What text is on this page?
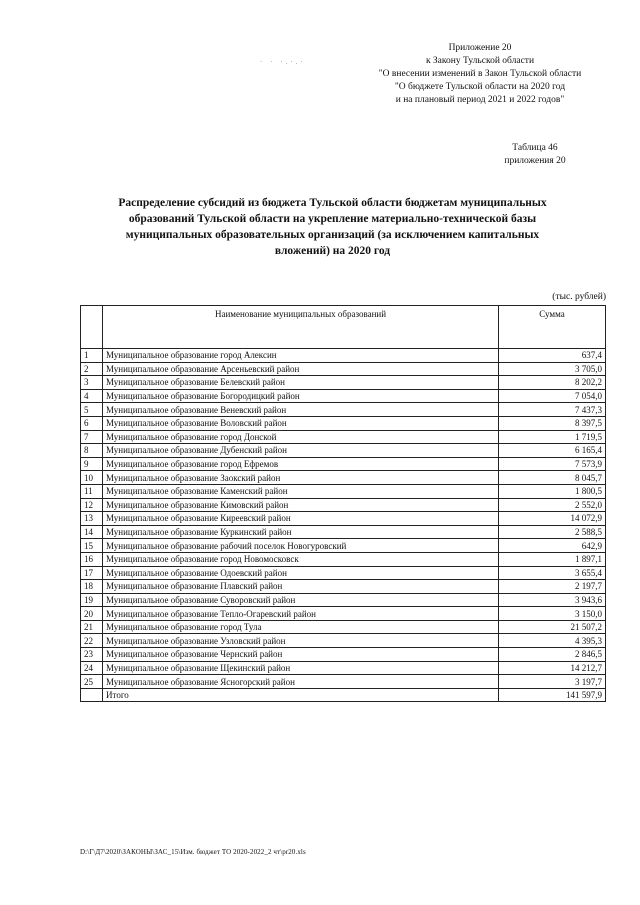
· · ·.·.·
Приложение 20
к Закону Тульской области
"О внесении изменений в Закон Тульской области
"О бюджете Тульской области на 2020 год
и на плановый период 2021 и 2022 годов"
Таблица 46
приложения 20
Распределение субсидий из бюджета Тульской области бюджетам муниципальных
образований Тульской области на укрепление материально-технической базы
муниципальных образовательных организаций (за исключением капитальных
вложений) на 2020 год
(тыс. рублей)
	Наименование муниципальных образований	Сумма
1	Муниципальное образование город Алексин	637,4
2	Муниципальное образование Арсеньевский район	3 705,0
3	Муниципальное образование Белевский район	8 202,2
4	Муниципальное образование Богородицкий район	7 054,0
5	Муниципальное образование Веневский район	7 437,3
6	Муниципальное образование Воловский район	8 397,5
7	Муниципальное образование город Донской	1 719,5
8	Муниципальное образование Дубенский район	6 165,4
9	Муниципальное образование город Ефремов	7 573,9
10	Муниципальное образование Заокский район	8 045,7
11	Муниципальное образование Каменский район	1 800,5
12	Муниципальное образование Кимовский район	2 552,0
13	Муниципальное образование Киреевский район	14 072,9
14	Муниципальное образование Куркинский район	2 588,5
15	Муниципальное образование рабочий поселок Новогуровский	642,9
16	Муниципальное образование город Новомосковск	1 897,1
17	Муниципальное образование Одоевский район	3 655,4
18	Муниципальное образование Плавский район	2 197,7
19	Муниципальное образование Суворовский район	3 943,6
20	Муниципальное образование Тепло-Огаревский район	3 150,0
21	Муниципальное образование город Тула	21 507,2
22	Муниципальное образование Узловский район	4 395,3
23	Муниципальное образование Чернский район	2 846,5
24	Муниципальное образование Щекинский район	14 212,7
25	Муниципальное образование Ясногорский район	3 197,7
	Итого	141 597,9
D:\Г\Д7\2020\ЗАКОНЫ\ЗАС_15\Изм. бюджет ТО 2020-2022_2 чт\pr20.xls
